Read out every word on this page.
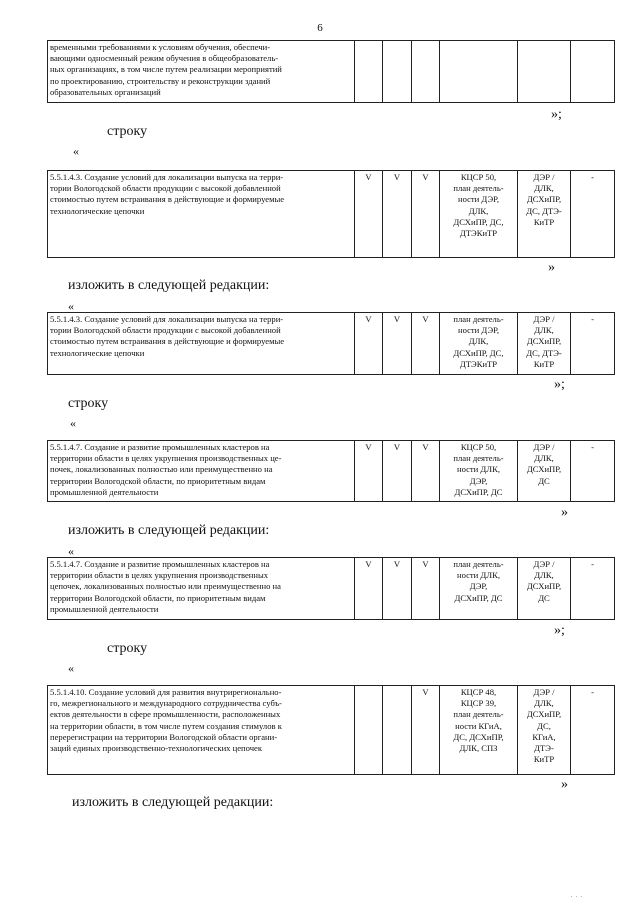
6
временными требованиями к условиям обучения, обеспечи-
вающими односменный режим обучения в общеобразователь-
ных организациях, в том числе путем реализации мероприятий
по проектированию, строительству и реконструкции зданий
образовательных организаций						
»;
строку
«
5.5.1.4.3. Создание условий для локализации выпуска на терри-
тории Вологодской области продукции с высокой добавленной
стоимостью путем встраивания в действующие и формируемые
технологические цепочки	V	V	V	КЦСР 50,
план деятель-
ности ДЭР,
ДЛК,
ДСХиПР, ДС,
ДТЭКиТР	ДЭР /
ДЛК,
ДСХиПР,
ДС, ДТЭ-
КиТР	-
»
изложить в следующей редакции:
«
5.5.1.4.3. Создание условий для локализации выпуска на терри-
тории Вологодской области продукции с высокой добавленной
стоимостью путем встраивания в действующие и формируемые
технологические цепочки	V	V	V	план деятель-
ности ДЭР,
ДЛК,
ДСХиПР, ДС,
ДТЭКиТР	ДЭР /
ДЛК,
ДСХиПР,
ДС, ДТЭ-
КиТР	-
»;
строку
«
5.5.1.4.7. Создание и развитие промышленных кластеров на
территории области в целях укрупнения производственных це-
почек, локализованных полностью или преимущественно на
территории Вологодской области, по приоритетным видам
промышленной деятельности	V	V	V	КЦСР 50,
план деятель-
ности ДЛК,
ДЭР,
ДСХиПР, ДС	ДЭР /
ДЛК,
ДСХиПР,
ДС	-
»
изложить в следующей редакции:
«
5.5.1.4.7. Создание и развитие промышленных кластеров на
территории области в целях укрупнения производственных
цепочек, локализованных полностью или преимущественно на
территории Вологодской области, по приоритетным видам
промышленной деятельности	V	V	V	план деятель-
ности ДЛК,
ДЭР,
ДСХиПР, ДС	ДЭР /
ДЛК,
ДСХиПР,
ДС	-
»;
строку
«
5.5.1.4.10. Создание условий для развития внутрирегионально-
го, межрегионального и международного сотрудничества субъ-
ектов деятельности в сфере промышленности, расположенных
на территории области, в том числе путем создания стимулов к
перерегистрации на территории Вологодской области органи-
заций единых производственно-технологических цепочек			V	КЦСР 48,
КЦСР 39,
план деятель-
ности КГиА,
ДС, ДСХиПР,
ДЛК, СПЗ	ДЭР /
ДЛК,
ДСХиПР,
ДС,
КГиА,
ДТЭ-
КиТР	-
»
изложить в следующей редакции:
. . .
